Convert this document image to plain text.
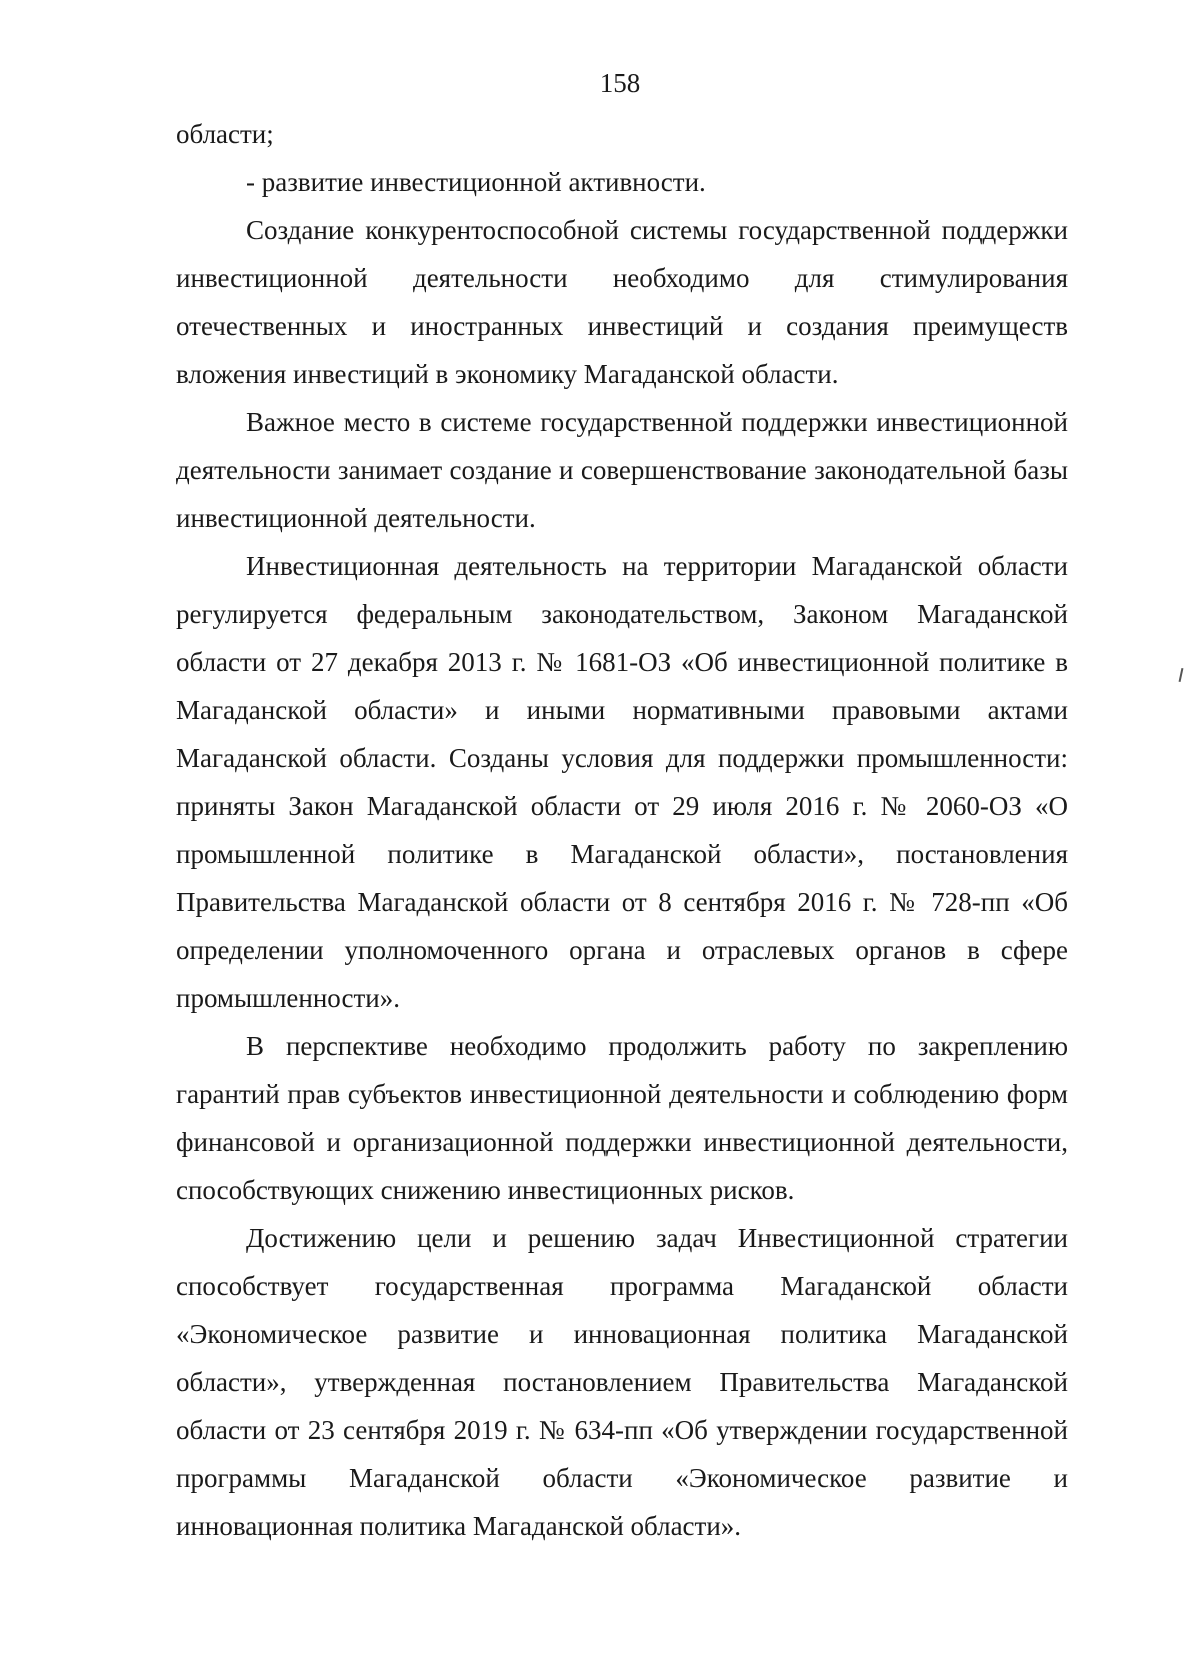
158

области;

- развитие инвестиционной активности.

Создание конкурентоспособной системы государственной поддержки инвестиционной деятельности необходимо для стимулирования отечественных и иностранных инвестиций и создания преимуществ вложения инвестиций в экономику Магаданской области.

Важное место в системе государственной поддержки инвестиционной деятельности занимает создание и совершенствование законодательной базы инвестиционной деятельности.

Инвестиционная деятельность на территории Магаданской области регулируется федеральным законодательством, Законом Магаданской области от 27 декабря 2013 г. № 1681-ОЗ «Об инвестиционной политике в Магаданской области» и иными нормативными правовыми актами Магаданской области. Созданы условия для поддержки промышленности: приняты Закон Магаданской области от 29 июля 2016 г. № 2060-ОЗ «О промышленной политике в Магаданской области», постановления Правительства Магаданской области от 8 сентября 2016 г. № 728-пп «Об определении уполномоченного органа и отраслевых органов в сфере промышленности».

В перспективе необходимо продолжить работу по закреплению гарантий прав субъектов инвестиционной деятельности и соблюдению форм финансовой и организационной поддержки инвестиционной деятельности, способствующих снижению инвестиционных рисков.

Достижению цели и решению задач Инвестиционной стратегии способствует государственная программа Магаданской области «Экономическое развитие и инновационная политика Магаданской области», утвержденная постановлением Правительства Магаданской области от 23 сентября 2019 г. № 634-пп «Об утверждении государственной программы Магаданской области «Экономическое развитие и инновационная политика Магаданской области».
